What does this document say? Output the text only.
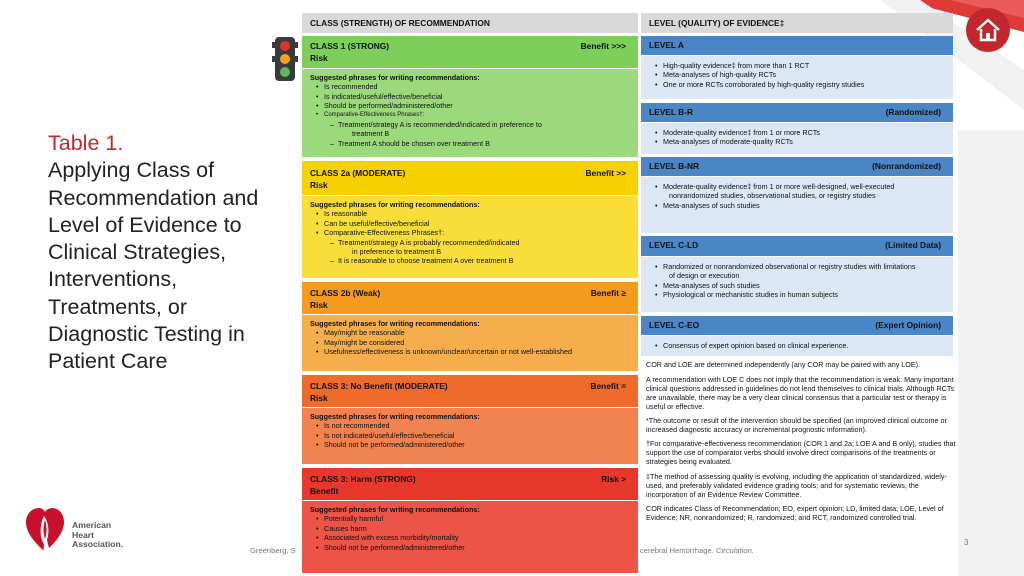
Table 1.
Applying Class of
Recommendation and
Level of Evidence to
Clinical Strategies,
Interventions,
Treatments, or
Diagnostic Testing in
Patient Care
CLASS (STRENGTH) OF RECOMMENDATION	LEVEL (QUALITY) OF EVIDENCE‡
CLASS 1 (STRONG)	Benefit >>>
Risk
Suggested phrases for writing recommendations:
• Is recommended
• Is indicated/useful/effective/beneficial
• Should be performed/administered/other
• Comparative-Effectiveness Phrases†:
– Treatment/strategy A is recommended/indicated in preference to
treatment B
– Treatment A should be chosen over treatment B
CLASS 2a (MODERATE)	Benefit >>
Risk
Suggested phrases for writing recommendations:
• Is reasonable
• Can be useful/effective/beneficial
• Comparative-Effectiveness Phrases†:
– Treatment/strategy A is probably recommended/indicated
in preference to treatment B
– It is reasonable to choose treatment A over treatment B
CLASS 2b (Weak)	Benefit ≥
Risk
Suggested phrases for writing recommendations:
• May/might be reasonable
• May/might be considered
• Usefulness/effectiveness is unknown/unclear/uncertain or not well-established
CLASS 3: No Benefit (MODERATE)	Benefit =
Risk
Suggested phrases for writing recommendations:
• Is not recommended
• Is not indicated/useful/effective/beneficial
• Should not be performed/administered/other
CLASS 3: Harm (STRONG)	Risk >
Benefit
Suggested phrases for writing recommendations:
• Potentially harmful
• Causes harm
• Associated with excess morbidity/mortality
• Should not be performed/administered/other
LEVEL A
• High-quality evidence‡ from more than 1 RCT
• Meta-analyses of high-quality RCTs
• One or more RCTs corroborated by high-quality registry studies
LEVEL B-R	(Randomized)
• Moderate-quality evidence‡ from 1 or more RCTs
• Meta-analyses of moderate-quality RCTs
LEVEL B-NR	(Nonrandomized)
• Moderate-quality evidence‡ from 1 or more well-designed, well-executed
nonrandomized studies, observational studies, or registry studies
• Meta-analyses of such studies
LEVEL C-LD	(Limited Data)
• Randomized or nonrandomized observational or registry studies with limitations
of design or execution
• Meta-analyses of such studies
• Physiological or mechanistic studies in human subjects
LEVEL C-EO	(Expert Opinion)
• Consensus of expert opinion based on clinical experience.
COR and LOE are determined independently (any COR may be paired with any LOE).
A recommendation with LOE C does not imply that the recommendation is weak. Many important clinical questions addressed in guidelines do not lend themselves to clinical trials. Although RCTs are unavailable, there may be a very clear clinical consensus that a particular test or therapy is useful or effective.
*The outcome or result of the intervention should be specified (an improved clinical outcome or increased diagnostic accuracy or incremental prognostic information).
†For comparative-effectiveness recommendation (COR 1 and 2a; LOE A and B only), studies that support the use of comparator verbs should involve direct comparisons of the treatments or strategies being evaluated.
‡The method of assessing quality is evolving, including the application of standardized, widely-used, and preferably validated evidence grading tools; and for systematic reviews, the incorporation of an Evidence Review Committee.
COR indicates Class of Recommendation; EO, expert opinion; LD, limited data; LOE, Level of Evidence; NR, nonrandomized; R, randomized; and RCT, randomized controlled trial.
American
Heart
Association.
Greenberg, S	cerebral Hemorrhage. Circulation.
3
